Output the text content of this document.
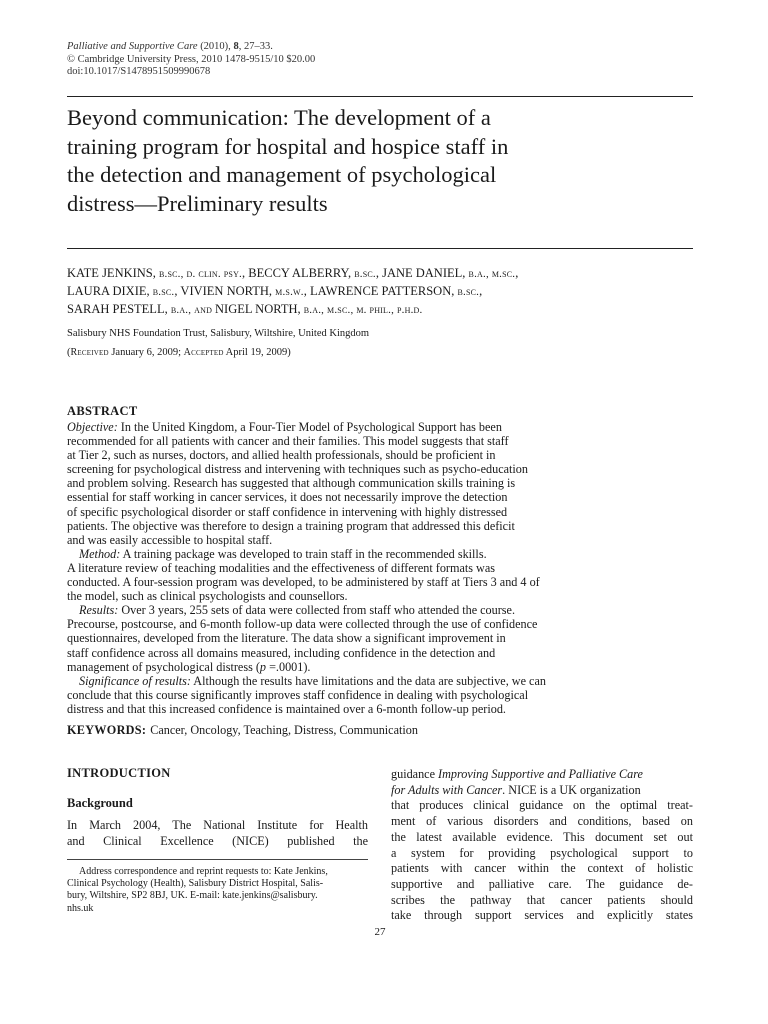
Palliative and Supportive Care (2010), 8, 27–33.
© Cambridge University Press, 2010 1478-9515/10 $20.00
doi:10.1017/S1478951509990678
Beyond communication: The development of a
training program for hospital and hospice staff in
the detection and management of psychological
distress—Preliminary results
KATE JENKINS, b.sc., d. clin. psy., BECCY ALBERRY, b.sc., JANE DANIEL, b.a., m.sc.,
LAURA DIXIE, b.sc., VIVIEN NORTH, m.s.w., LAWRENCE PATTERSON, b.sc.,
SARAH PESTELL, b.a., and NIGEL NORTH, b.a., m.sc., m. phil., p.h.d.
Salisbury NHS Foundation Trust, Salisbury, Wiltshire, United Kingdom
(Received January 6, 2009; Accepted April 19, 2009)
ABSTRACT
Objective: In the United Kingdom, a Four-Tier Model of Psychological Support has been
recommended for all patients with cancer and their families. This model suggests that staff
at Tier 2, such as nurses, doctors, and allied health professionals, should be proficient in
screening for psychological distress and intervening with techniques such as psycho-education
and problem solving. Research has suggested that although communication skills training is
essential for staff working in cancer services, it does not necessarily improve the detection
of specific psychological disorder or staff confidence in intervening with highly distressed
patients. The objective was therefore to design a training program that addressed this deficit
and was easily accessible to hospital staff.
Method: A training package was developed to train staff in the recommended skills.
A literature review of teaching modalities and the effectiveness of different formats was
conducted. A four-session program was developed, to be administered by staff at Tiers 3 and 4 of
the model, such as clinical psychologists and counsellors.
Results: Over 3 years, 255 sets of data were collected from staff who attended the course.
Precourse, postcourse, and 6-month follow-up data were collected through the use of confidence
questionnaires, developed from the literature. The data show a significant improvement in
staff confidence across all domains measured, including confidence in the detection and
management of psychological distress (p =.0001).
Significance of results: Although the results have limitations and the data are subjective, we can
conclude that this course significantly improves staff confidence in dealing with psychological
distress and that this increased confidence is maintained over a 6-month follow-up period.
KEYWORDS: Cancer, Oncology, Teaching, Distress, Communication
INTRODUCTION
Background
In March 2004, The National Institute for Health
and Clinical Excellence (NICE) published the
Address correspondence and reprint requests to: Kate Jenkins,
Clinical Psychology (Health), Salisbury District Hospital, Salis-
bury, Wiltshire, SP2 8BJ, UK. E-mail: kate.jenkins@salisbury.
nhs.uk
guidance Improving Supportive and Palliative Care
for Adults with Cancer. NICE is a UK organization
that produces clinical guidance on the optimal treat-
ment of various disorders and conditions, based on
the latest available evidence. This document set out
a system for providing psychological support to
patients with cancer within the context of holistic
supportive and palliative care. The guidance de-
scribes the pathway that cancer patients should
take through support services and explicitly states
27
